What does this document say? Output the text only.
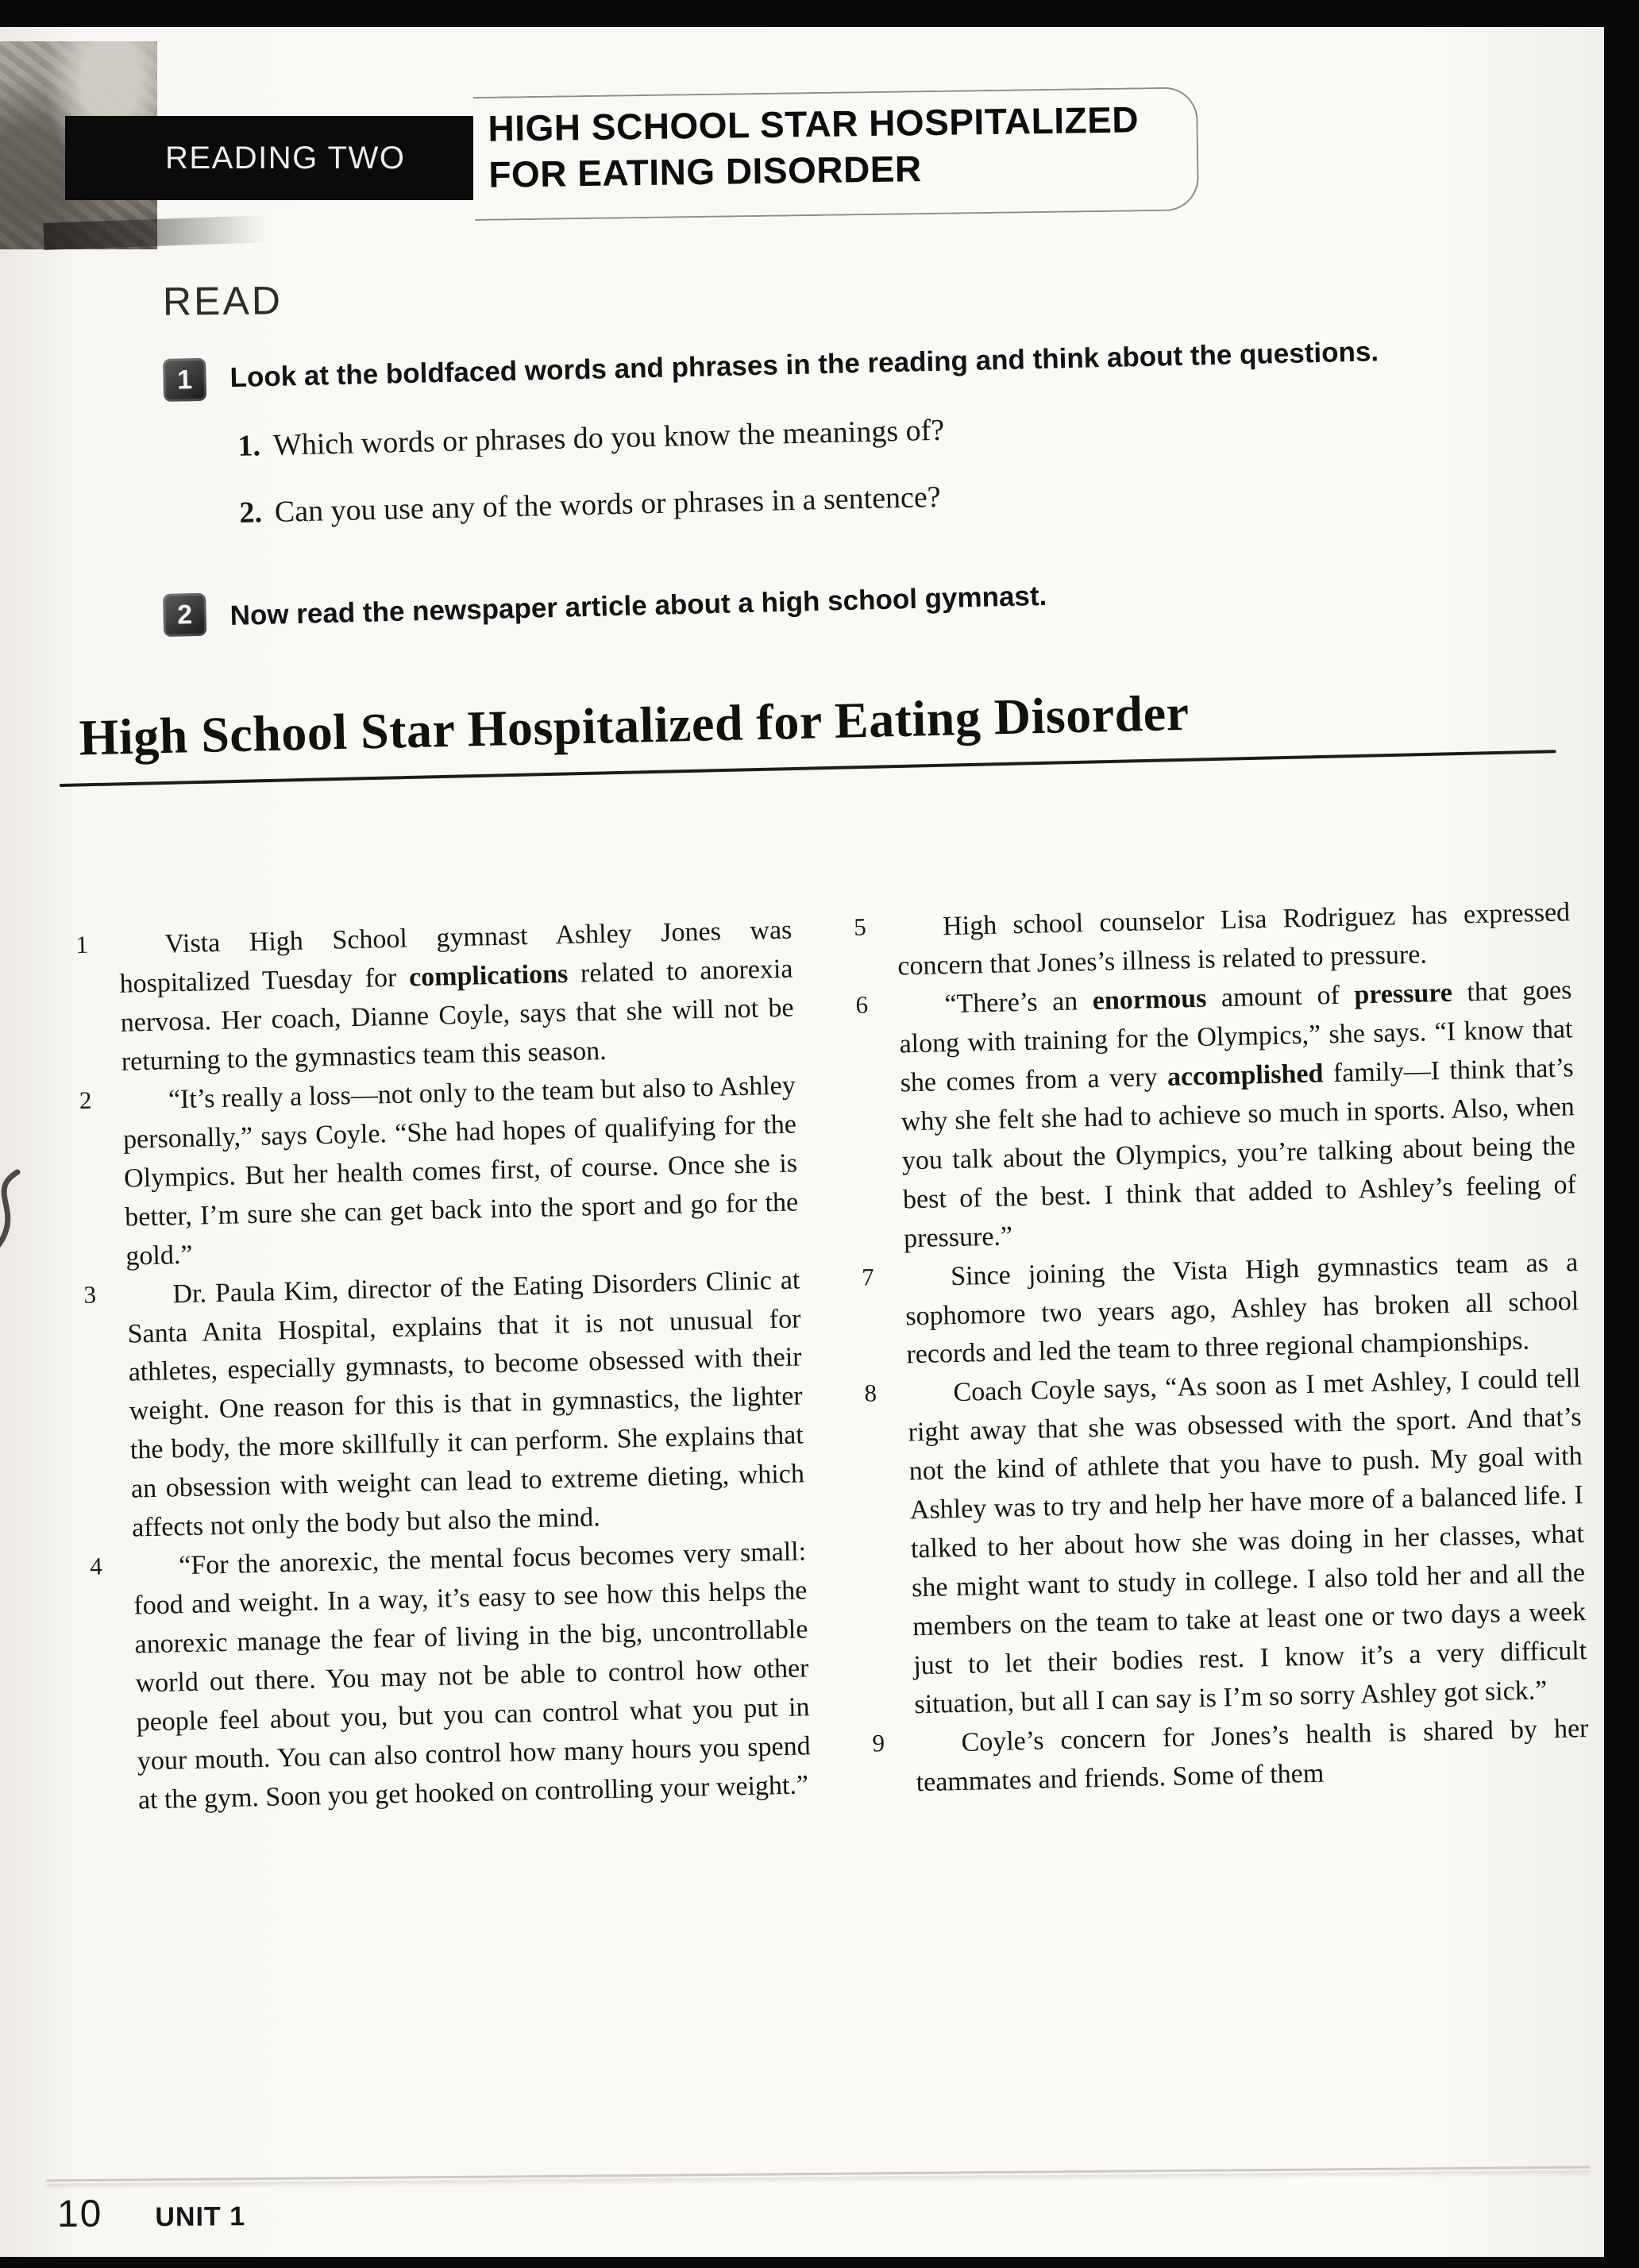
READING TWO
HIGH SCHOOL STAR HOSPITALIZED
FOR EATING DISORDER
READ
1	Look at the boldfaced words and phrases in the reading and think about the questions.

1. Which words or phrases do you know the meanings of?
2. Can you use any of the words or phrases in a sentence?
2	Now read the newspaper article about a high school gymnast.

High School Star Hospitalized for Eating Disorder
1	Vista High School gymnast Ashley Jones was hospitalized Tuesday for complications related to anorexia nervosa. Her coach, Dianne Coyle, says that she will not be returning to the gymnastics team this season.

2	“It’s really a loss—not only to the team but also to Ashley personally,” says Coyle. “She had hopes of qualifying for the Olympics. But her health comes first, of course. Once she is better, I’m sure she can get back into the sport and go for the gold.”

3	Dr. Paula Kim, director of the Eating Disorders Clinic at Santa Anita Hospital, explains that it is not unusual for athletes, especially gymnasts, to become obsessed with their weight. One reason for this is that in gymnastics, the lighter the body, the more skillfully it can perform. She explains that an obsession with weight can lead to extreme dieting, which affects not only the body but also the mind.

4	“For the anorexic, the mental focus becomes very small: food and weight. In a way, it’s easy to see how this helps the anorexic manage the fear of living in the big, uncontrollable world out there. You may not be able to control how other people feel about you, but you can control what you put in your mouth. You can also control how many hours you spend at the gym. Soon you get hooked on controlling your weight.”

5	High school counselor Lisa Rodriguez has expressed concern that Jones’s illness is related to pressure.

6	“There’s an enormous amount of pressure that goes along with training for the Olympics,” she says. “I know that she comes from a very accomplished family—I think that’s why she felt she had to achieve so much in sports. Also, when you talk about the Olympics, you’re talking about being the best of the best. I think that added to Ashley’s feeling of pressure.”

7	Since joining the Vista High gymnastics team as a sophomore two years ago, Ashley has broken all school records and led the team to three regional championships.

8	Coach Coyle says, “As soon as I met Ashley, I could tell right away that she was obsessed with the sport. And that’s not the kind of athlete that you have to push. My goal with Ashley was to try and help her have more of a balanced life. I talked to her about how she was doing in her classes, what she might want to study in college. I also told her and all the members on the team to take at least one or two days a week just to let their bodies rest. I know it’s a very difficult situation, but all I can say is I’m so sorry Ashley got sick.”

9	Coyle’s concern for Jones’s health is shared by her teammates and friends. Some of them

10 UNIT 1
